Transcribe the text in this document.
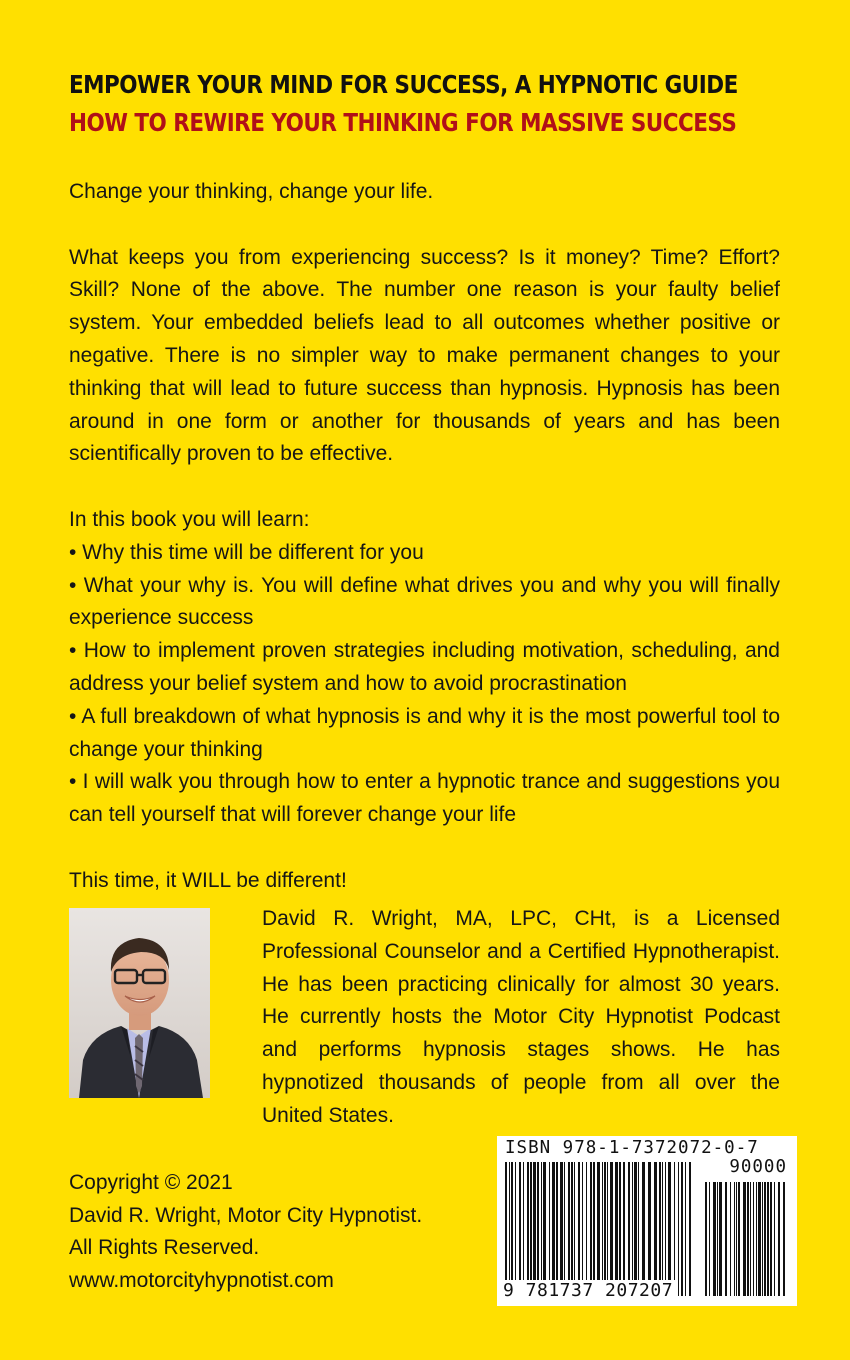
EMPOWER YOUR MIND FOR SUCCESS, A HYPNOTIC GUIDE
HOW TO REWIRE YOUR THINKING FOR MASSIVE SUCCESS

Change your thinking, change your life.

What keeps you from experiencing success? Is it money? Time? Effort? Skill? None of the above. The number one reason is your faulty belief system. Your embedded beliefs lead to all outcomes whether positive or negative. There is no simpler way to make permanent changes to your thinking that will lead to future success than hypnosis. Hypnosis has been around in one form or another for thousands of years and has been scientifically proven to be effective.

In this book you will learn:
• Why this time will be different for you
• What your why is. You will define what drives you and why you will finally experience success
• How to implement proven strategies including motivation, scheduling, and address your belief system and how to avoid procrastination
• A full breakdown of what hypnosis is and why it is the most powerful tool to change your thinking
• I will walk you through how to enter a hypnotic trance and suggestions you can tell yourself that will forever change your life

This time, it WILL be different!

David R. Wright, MA, LPC, CHt, is a Licensed Professional Counselor and a Certified Hypnotherapist. He has been practicing clinically for almost 30 years. He currently hosts the Motor City Hypnotist Podcast and performs hypnosis stages shows. He has hypnotized thousands of people from all over the United States.
Copyright © 2021
David R. Wright, Motor City Hypnotist.
All Rights Reserved.
www.motorcityhypnotist.com
ISBN 978-1-7372072-0-7
90000
9 781737 207207
